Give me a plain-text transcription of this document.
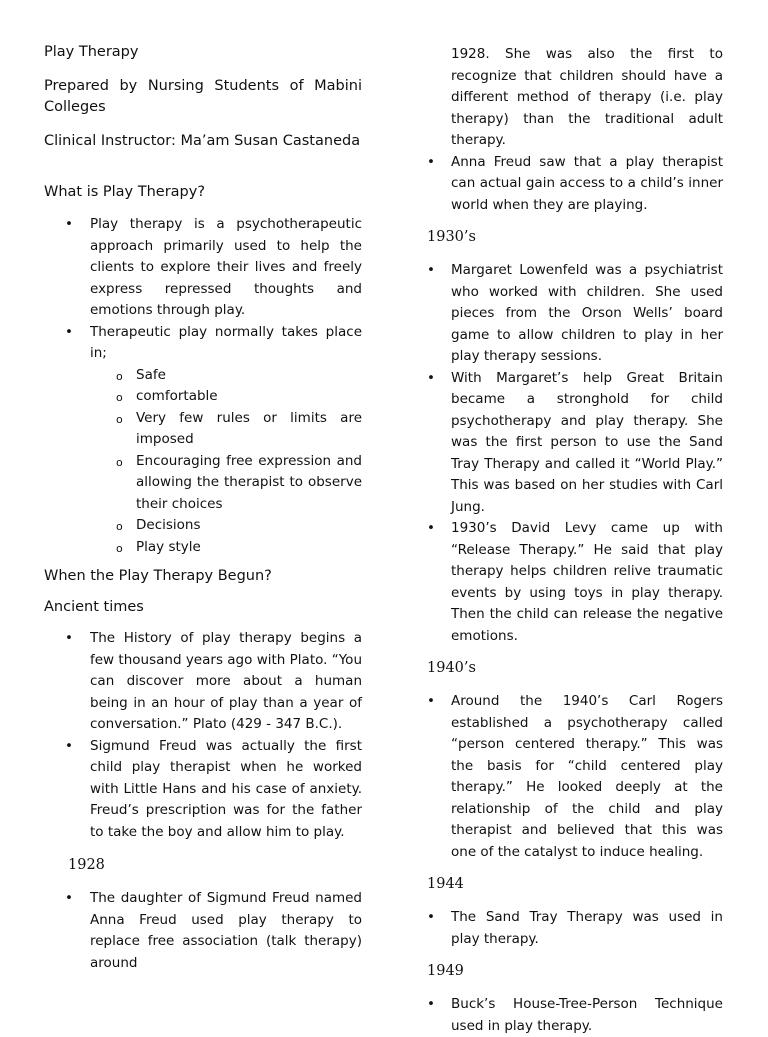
Play Therapy

Prepared by Nursing Students of Mabini Colleges

Clinical Instructor: Ma’am Susan Castaneda

What is Play Therapy?

• Play therapy is a psychotherapeutic approach primarily used to help the clients to explore their lives and freely express repressed thoughts and emotions through play.
• Therapeutic play normally takes place in;
o Safe
o comfortable
o Very few rules or limits are imposed
o Encouraging free expression and allowing the therapist to observe their choices
o Decisions
o Play style

When the Play Therapy Begun?

Ancient times

• The History of play therapy begins a few thousand years ago with Plato. “You can discover more about a human being in an hour of play than a year of conversation.” Plato (429 - 347 B.C.).
• Sigmund Freud was actually the first child play therapist when he worked with Little Hans and his case of anxiety. Freud’s prescription was for the father to take the boy and allow him to play.

1928

• The daughter of Sigmund Freud named Anna Freud used play therapy to replace free association (talk therapy) around

1928. She was also the first to recognize that children should have a different method of therapy (i.e. play therapy) than the traditional adult therapy.

• Anna Freud saw that a play therapist can actual gain access to a child’s inner world when they are playing.

1930’s

• Margaret Lowenfeld was a psychiatrist who worked with children. She used pieces from the Orson Wells’ board game to allow children to play in her play therapy sessions.
• With Margaret’s help Great Britain became a stronghold for child psychotherapy and play therapy. She was the first person to use the Sand Tray Therapy and called it “World Play.” This was based on her studies with Carl Jung.
• 1930’s David Levy came up with “Release Therapy.” He said that play therapy helps children relive traumatic events by using toys in play therapy. Then the child can release the negative emotions.

1940’s

• Around the 1940’s Carl Rogers established a psychotherapy called “person centered therapy.” This was the basis for “child centered play therapy.” He looked deeply at the relationship of the child and play therapist and believed that this was one of the catalyst to induce healing.

1944

• The Sand Tray Therapy was used in play therapy.

1949

• Buck’s House-Tree-Person Technique used in play therapy.
